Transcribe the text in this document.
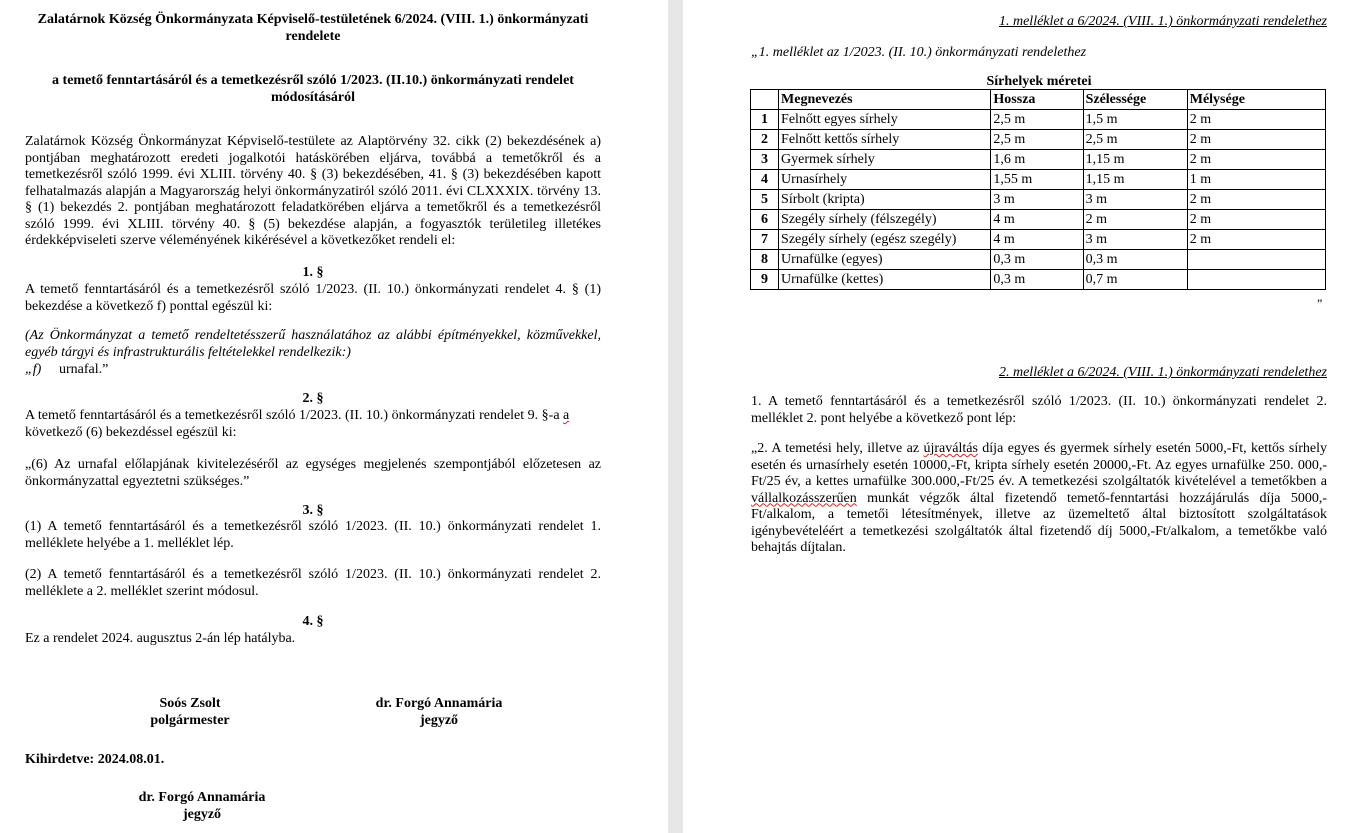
Zalatárnok Község Önkormányzata Képviselő-testületének 6/2024. (VIII. 1.) önkormányzati
rendelete
a temető fenntartásáról és a temetkezésről szóló 1/2023. (II.10.) önkormányzati rendelet
módosításáról
Zalatárnok Község Önkormányzat Képviselő-testülete az Alaptörvény 32. cikk (2) bekezdésének a) pontjában meghatározott eredeti jogalkotói hatáskörében eljárva, továbbá a temetőkről és a temetkezésről szóló 1999. évi XLIII. törvény 40. § (3) bekezdésében, 41. § (3) bekezdésében kapott felhatalmazás alapján a Magyarország helyi önkormányzatiról szóló 2011. évi CLXXXIX. törvény 13. § (1) bekezdés 2. pontjában meghatározott feladatkörében eljárva a temetőkről és a temetkezésről szóló 1999. évi XLIII. törvény 40. § (5) bekezdése alapján, a fogyasztók területileg illetékes érdekképviseleti szerve véleményének kikérésével a következőket rendeli el:
1. §
A temető fenntartásáról és a temetkezésről szóló 1/2023. (II. 10.) önkormányzati rendelet 4. § (1) bekezdése a következő f) ponttal egészül ki:
(Az Önkormányzat a temető rendeltetésszerű használatához az alábbi építményekkel, közművekkel, egyéb tárgyi és infrastrukturális feltételekkel rendelkezik:)
„f) urnafal.”
2. §
A temető fenntartásáról és a temetkezésről szóló 1/2023. (II. 10.) önkormányzati rendelet 9. §-a a
következő (6) bekezdéssel egészül ki:
„(6) Az urnafal előlapjának kivitelezéséről az egységes megjelenés szempontjából előzetesen az önkormányzattal egyeztetni szükséges.”
3. §
(1) A temető fenntartásáról és a temetkezésről szóló 1/2023. (II. 10.) önkormányzati rendelet 1. melléklete helyébe a 1. melléklet lép.
(2) A temető fenntartásáról és a temetkezésről szóló 1/2023. (II. 10.) önkormányzati rendelet 2. melléklete a 2. melléklet szerint módosul.
4. §
Ez a rendelet 2024. augusztus 2-án lép hatályba.
Soós Zsolt
polgármester
dr. Forgó Annamária
jegyző
Kihirdetve: 2024.08.01.
dr. Forgó Annamária
jegyző
1. melléklet a 6/2024. (VIII. 1.) önkormányzati rendelethez
„1. melléklet az 1/2023. (II. 10.) önkormányzati rendelethez
Sírhelyek méretei
	Megnevezés	Hossza	Szélessége	Mélysége
1	Felnőtt egyes sírhely	2,5 m	1,5 m	2 m
2	Felnőtt kettős sírhely	2,5 m	2,5 m	2 m
3	Gyermek sírhely	1,6 m	1,15 m	2 m
4	Urnasírhely	1,55 m	1,15 m	1 m
5	Sírbolt (kripta)	3 m	3 m	2 m
6	Szegély sírhely (félszegély)	4 m	2 m	2 m
7	Szegély sírhely (egész szegély)	4 m	3 m	2 m
8	Urnafülke (egyes)	0,3 m	0,3 m	
9	Urnafülke (kettes)	0,3 m	0,7 m	
”
2. melléklet a 6/2024. (VIII. 1.) önkormányzati rendelethez
1. A temető fenntartásáról és a temetkezésről szóló 1/2023. (II. 10.) önkormányzati rendelet 2. melléklet 2. pont helyébe a következő pont lép:
„2. A temetési hely, illetve az újraváltás díja egyes és gyermek sírhely esetén 5000,-Ft, kettős sírhely esetén és urnasírhely esetén 10000,-Ft, kripta sírhely esetén 20000,-Ft. Az egyes urnafülke 250. 000,-Ft/25 év, a kettes urnafülke 300.000,-Ft/25 év. A temetkezési szolgáltatók kivételével a temetőkben a vállalkozásszerűen munkát végzők által fizetendő temető-fenntartási hozzájárulás díja 5000,-Ft/alkalom, a temetői létesítmények, illetve az üzemeltető által biztosított szolgáltatások igénybevételéért a temetkezési szolgáltatók által fizetendő díj 5000,-Ft/alkalom, a temetőkbe való behajtás díjtalan.
